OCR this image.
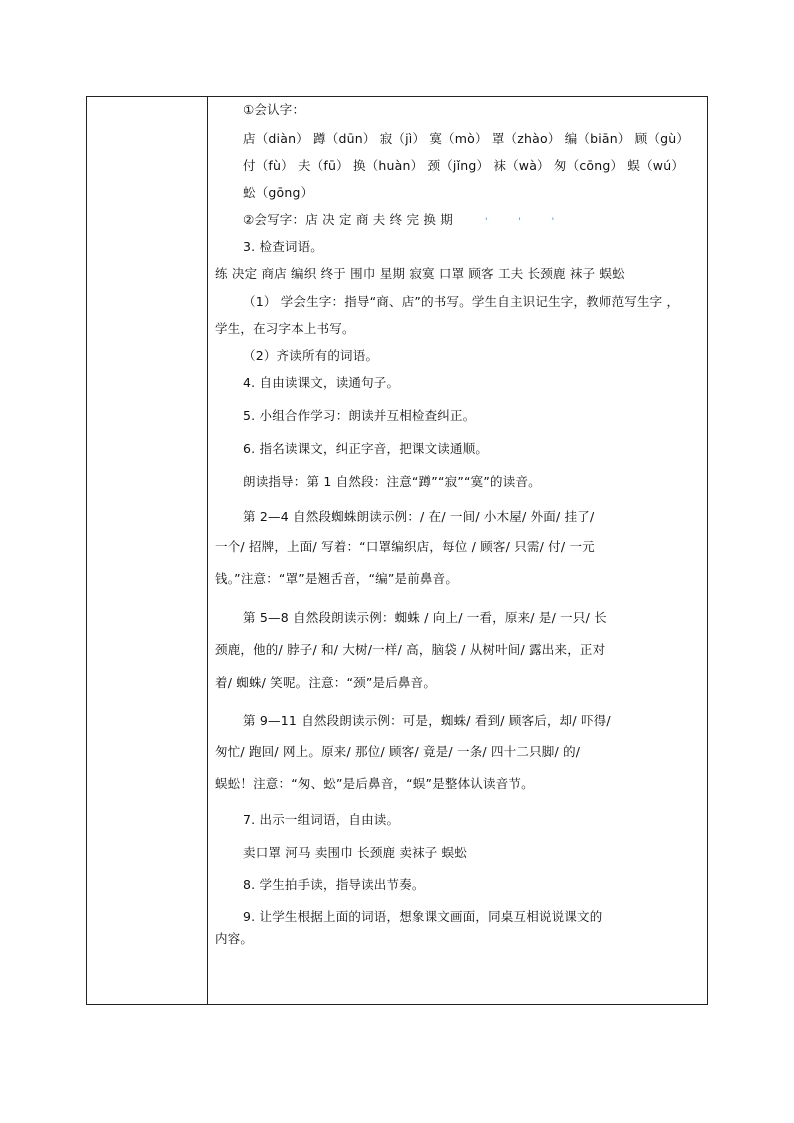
①会认字：
店（diàn） 蹲（dūn） 寂（jì） 寞（mò） 罩（zhào） 编（biān） 顾（gù）
付（fù） 夫（fū） 换（huàn） 颈（jǐng） 袜（wà） 匆（cōng） 蜈（wú）
蚣（gōng）
②会写字：店 决 定 商 夫 终 完 换 期
3. 检查词语。
练 决定 商店 编织 终于 围巾 星期 寂寞 口罩 顾客 工夫 长颈鹿 袜子 蜈蚣
（1） 学会生字：指导“商、店”的书写。学生自主识记生字，教师范写生字 ，
学生，在习字本上书写。
（2）齐读所有的词语。
4. 自由读课文，读通句子。
5. 小组合作学习：朗读并互相检查纠正。
6. 指名读课文，纠正字音，把课文读通顺。
朗读指导：第 1 自然段：注意“蹲”“寂”“寞”的读音。
第 2—4 自然段蜘蛛朗读示例：/ 在/ 一间/ 小木屋/ 外面/ 挂了/
一个/ 招牌，上面/ 写着：“口罩编织店，每位 / 顾客/ 只需/ 付/ 一元
钱。”注意：“罩”是翘舌音，“编”是前鼻音。
第 5—8 自然段朗读示例：蜘蛛 / 向上/ 一看，原来/ 是/ 一只/ 长
颈鹿，他的/ 脖子/ 和/ 大树/一样/ 高，脑袋 / 从树叶间/ 露出来，正对
着/ 蜘蛛/ 笑呢。注意：“颈”是后鼻音。
第 9—11 自然段朗读示例：可是，蜘蛛/ 看到/ 顾客后，却/ 吓得/
匆忙/ 跑回/ 网上。原来/ 那位/ 顾客/ 竟是/ 一条/ 四十二只脚/ 的/
蜈蚣！注意：“匆、蚣”是后鼻音，“蜈”是整体认读音节。
7. 出示一组词语，自由读。
卖口罩 河马 卖围巾 长颈鹿 卖袜子 蜈蚣
8. 学生拍手读，指导读出节奏。
9. 让学生根据上面的词语，想象课文画面，同桌互相说说课文的
内容。
' ' '
